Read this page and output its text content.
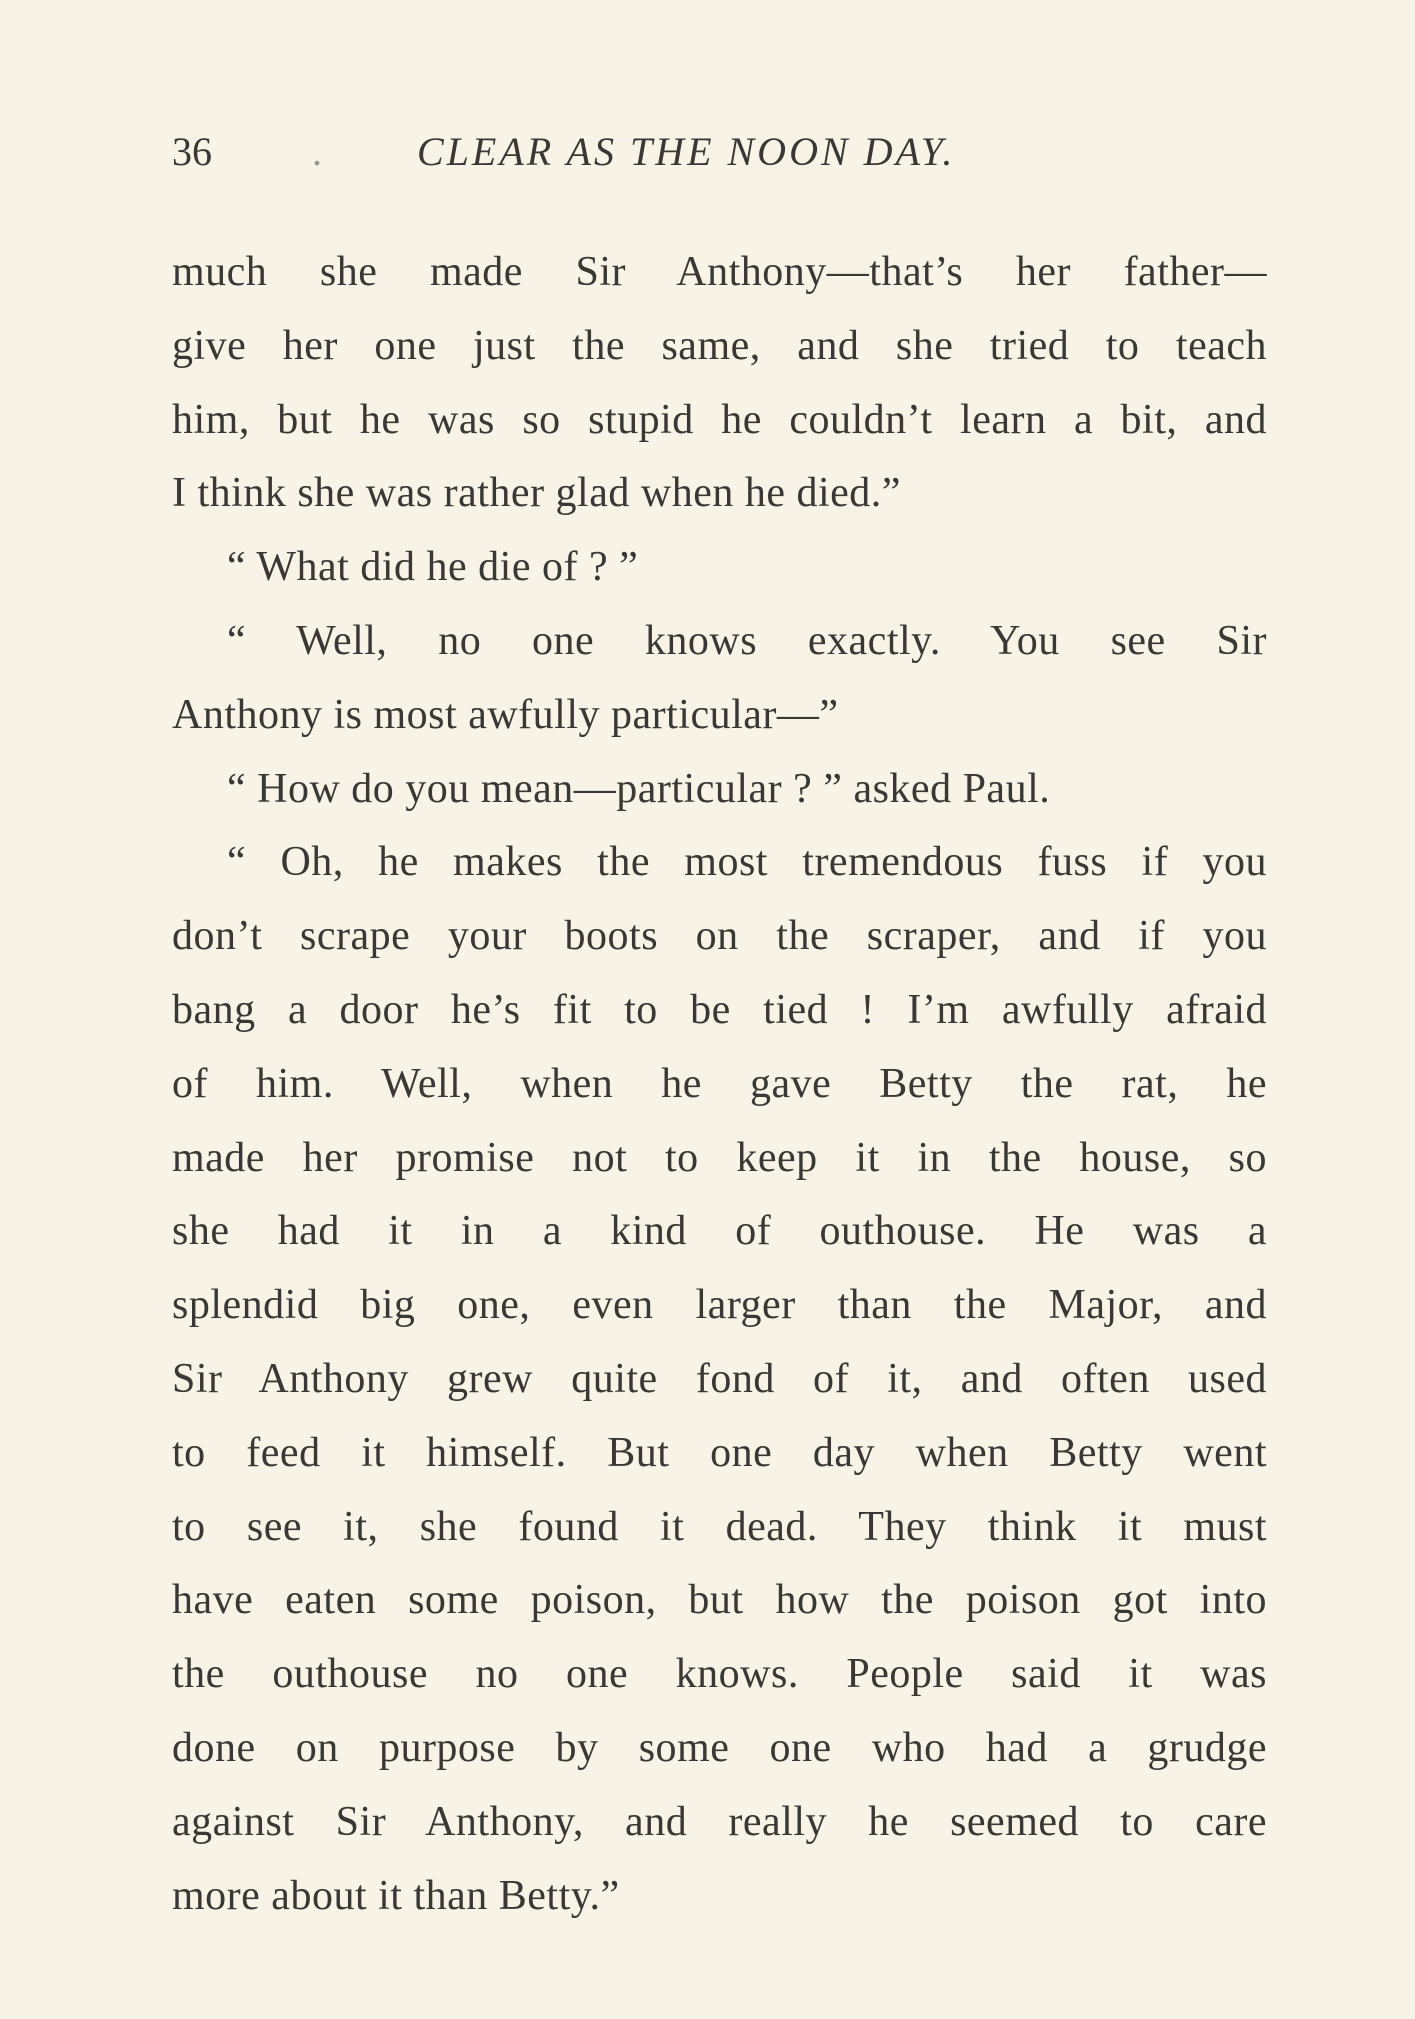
36	. CLEAR AS THE NOON DAY.
much she made Sir Anthony—that’s her father—
give her one just the same, and she tried to teach
him, but he was so stupid he couldn’t learn a bit, and
I think she was rather glad when he died.”
“ What did he die of ? ”
“ Well, no one knows exactly. You see Sir
Anthony is most awfully particular—”
“ How do you mean—particular ? ” asked Paul.
“ Oh, he makes the most tremendous fuss if you
don’t scrape your boots on the scraper, and if you
bang a door he’s fit to be tied ! I’m awfully afraid
of him. Well, when he gave Betty the rat, he
made her promise not to keep it in the house, so
she had it in a kind of outhouse. He was a
splendid big one, even larger than the Major, and
Sir Anthony grew quite fond of it, and often used
to feed it himself. But one day when Betty went
to see it, she found it dead. They think it must
have eaten some poison, but how the poison got into
the outhouse no one knows. People said it was
done on purpose by some one who had a grudge
against Sir Anthony, and really he seemed to care
more about it than Betty.”
